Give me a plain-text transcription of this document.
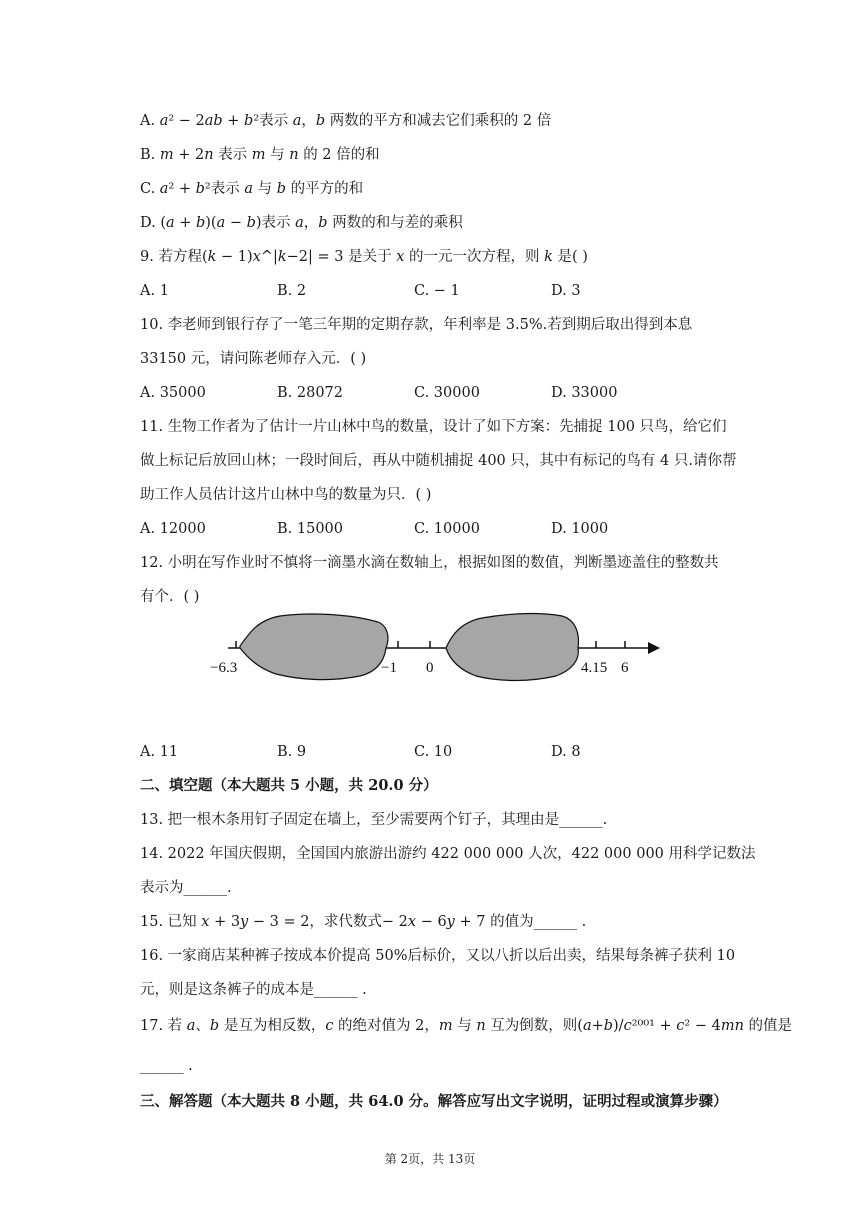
A. 𝑎² − 2𝑎𝑏 + 𝑏²表示 𝑎，𝑏 两数的平方和减去它们乘积的 2 倍
B. 𝑚 + 2𝑛 表示 𝑚 与 𝑛 的 2 倍的和
C. 𝑎² + 𝑏²表示 𝑎 与 𝑏 的平方的和
D. (𝑎 + 𝑏)(𝑎 − 𝑏)表示 𝑎，𝑏 两数的和与差的乘积
9. 若方程(𝑘 − 1)𝑥^|𝑘−2| = 3 是关于 𝑥 的一元一次方程，则 𝑘 是( )
A. 1	B. 2	C. − 1	D. 3
10. 李老师到银行存了一笔三年期的定期存款，年利率是 3.5%.若到期后取出得到本息
33150 元，请问陈老师存入元．( )
A. 35000	B. 28072	C. 30000	D. 33000
11. 生物工作者为了估计一片山林中鸟的数量，设计了如下方案：先捕捉 100 只鸟，给它们
做上标记后放回山林；一段时间后，再从中随机捕捉 400 只，其中有标记的鸟有 4 只.请你帮
助工作人员估计这片山林中鸟的数量为只．( )
A. 12000	B. 15000	C. 10000	D. 1000
12. 小明在写作业时不慎将一滴墨水滴在数轴上，根据如图的数值，判断墨迹盖住的整数共
有个．( )
−6.3	−1 0	4.15 6
A. 11	B. 9	C. 10	D. 8
二、填空题（本大题共 5 小题，共 20.0 分）
13. 把一根木条用钉子固定在墙上，至少需要两个钉子，其理由是______.
14. 2022 年国庆假期，全国国内旅游出游约 422 000 000 人次，422 000 000 用科学记数法
表示为______.
15. 已知 𝑥 + 3𝑦 − 3 = 2，求代数式− 2𝑥 − 6𝑦 + 7 的值为______ .
16. 一家商店某种裤子按成本价提高 50%后标价，又以八折以后出卖，结果每条裤子获利 10
元，则是这条裤子的成本是______ .
17. 若 𝑎、𝑏 是互为相反数，𝑐 的绝对值为 2，𝑚 与 𝑛 互为倒数，则(𝑎+𝑏)/𝑐²⁰⁰¹ + 𝑐² − 4𝑚𝑛 的值是
______ .
三、解答题（本大题共 8 小题，共 64.0 分。解答应写出文字说明，证明过程或演算步骤）
第 2页，共 13页
